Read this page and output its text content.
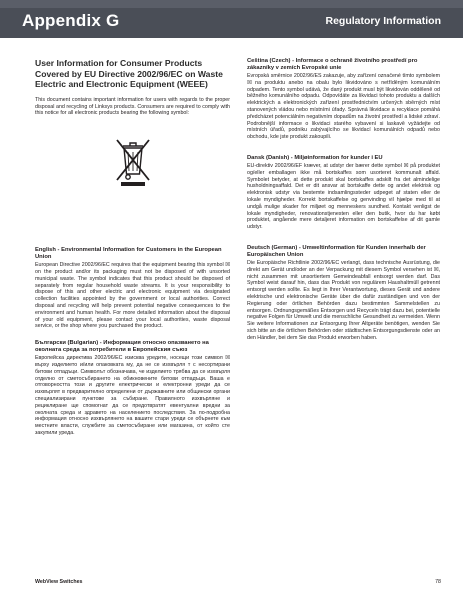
Appendix G	Regulatory Information
User Information for Consumer Products Covered by EU Directive 2002/96/EC on Waste Electric and Electronic Equipment (WEEE)

This document contains important information for users with regards to the proper disposal and recycling of Linksys products. Consumers are required to comply with this notice for all electronic products bearing the following symbol:

English - Environmental Information for Customers in the European Union

European Directive 2002/96/EC requires that the equipment bearing this symbol ☒ on the product and/or its packaging must not be disposed of with unsorted municipal waste. The symbol indicates that this product should be disposed of separately from regular household waste streams. It is your responsibility to dispose of this and other electric and electronic equipment via designated collection facilities appointed by the government or local authorities. Correct disposal and recycling will help prevent potential negative consequences to the environment and human health. For more detailed information about the disposal of your old equipment, please contact your local authorities, waste disposal service, or the shop where you purchased the product.

Български (Bulgarian) - Информация относно опазването на околната среда за потребители в Европейския съюз

Европейска директива 2002/96/EC изисква уредите, носещи този символ ☒ върху изделието и/или опаковката му, да не се изхвърля т с несортирани битови отпадъци. Символът обозначава, че изделието трябва да се изхвърля отделно от сметосъбирането на обикновените битови отпадъци. Ваша е отговорността този и другите електрически и електронни уреди да се изхвърлят в предварително определени от държавните или общински органи специализирани пунктове за събиране. Правилното изхвърляне и рециклиране ще спомогнат да се предотвратят евентуални вредни за околната среда и здравето на населението последствия. За по-подробна информация относно изхвърлянето на вашите стари уреди се обърнете към местните власти, службите за сметосъбиране или магазина, от който сте закупили уреда.

Ceština (Czech) - Informace o ochraně životního prostředí pro zákazníky v zemích Evropské unie

Evropská směrnice 2002/96/ES zakazuje, aby zařízení označené tímto symbolem ☒ na produktu anebo na obalu bylo likvidováno s netříděným komunálním odpadem. Tento symbol udává, že daný produkt musí být likvidován odděleně od běžného komunálního odpadu. Odpovídáte za likvidaci tohoto produktu a dalších elektrických a elektronických zařízení prostřednictvím určených sběrných míst stanovených vládou nebo místními úřady. Správná likvidace a recyklace pomáhá předcházet potenciálním negativním dopadům na životní prostředí a lidské zdraví. Podrobnější informace o likvidaci starého vybavení si laskavě vyžádejte od místních úřadů, podniku zabývajícího se likvidací komunálních odpadů nebo obchodu, kde jste produkt zakoupili.

Dansk (Danish) - Miljøinformation for kunder i EU

EU-direktiv 2002/96/EF kræver, at udstyr der bærer dette symbol ☒ på produktet og/eller emballagen ikke må bortskaffes som usorteret kommunalt affald. Symbolet betyder, at dette produkt skal bortskaffes adskilt fra det almindelige husholdningsaffald. Det er dit ansvar at bortskaffe dette og andet elektrisk og elektronisk udstyr via bestemte indsamlingssteder udpeget af staten eller de lokale myndigheder. Korrekt bortskaffelse og genvinding vil hjælpe med til at undgå mulige skader for miljøet og menneskers sundhed. Kontakt venligst de lokale myndigheder, renovationstjenesten eller den butik, hvor du har købt produktet, angående mere detaljeret information om bortskaffelse af dit gamle udstyr.

Deutsch (German) - Umweltinformation für Kunden innerhalb der Europäischen Union

Die Europäische Richtlinie 2002/96/EC verlangt, dass technische Ausrüstung, die direkt am Gerät und/oder an der Verpackung mit diesem Symbol versehen ist ☒, nicht zusammen mit unsortiertem Gemeindeabfall entsorgt werden darf. Das Symbol weist darauf hin, dass das Produkt von regulärem Haushaltmüll getrennt entsorgt werden sollte. Es liegt in Ihrer Verantwortung, dieses Gerät und andere elektrische und elektronische Geräte über die dafür zuständigen und von der Regierung oder örtlichen Behörden dazu bestimmten Sammelstellen zu entsorgen. Ordnungsgemäßes Entsorgen und Recyceln trägt dazu bei, potentielle negative Folgen für Umwelt und die menschliche Gesundheit zu vermeiden. Wenn Sie weitere Informationen zur Entsorgung Ihrer Altgeräte benötigen, wenden Sie sich bitte an die örtlichen Behörden oder städtischen Entsorgungsdienste oder an den Händler, bei dem Sie das Produkt erworben haben.

WebView Switches	78
